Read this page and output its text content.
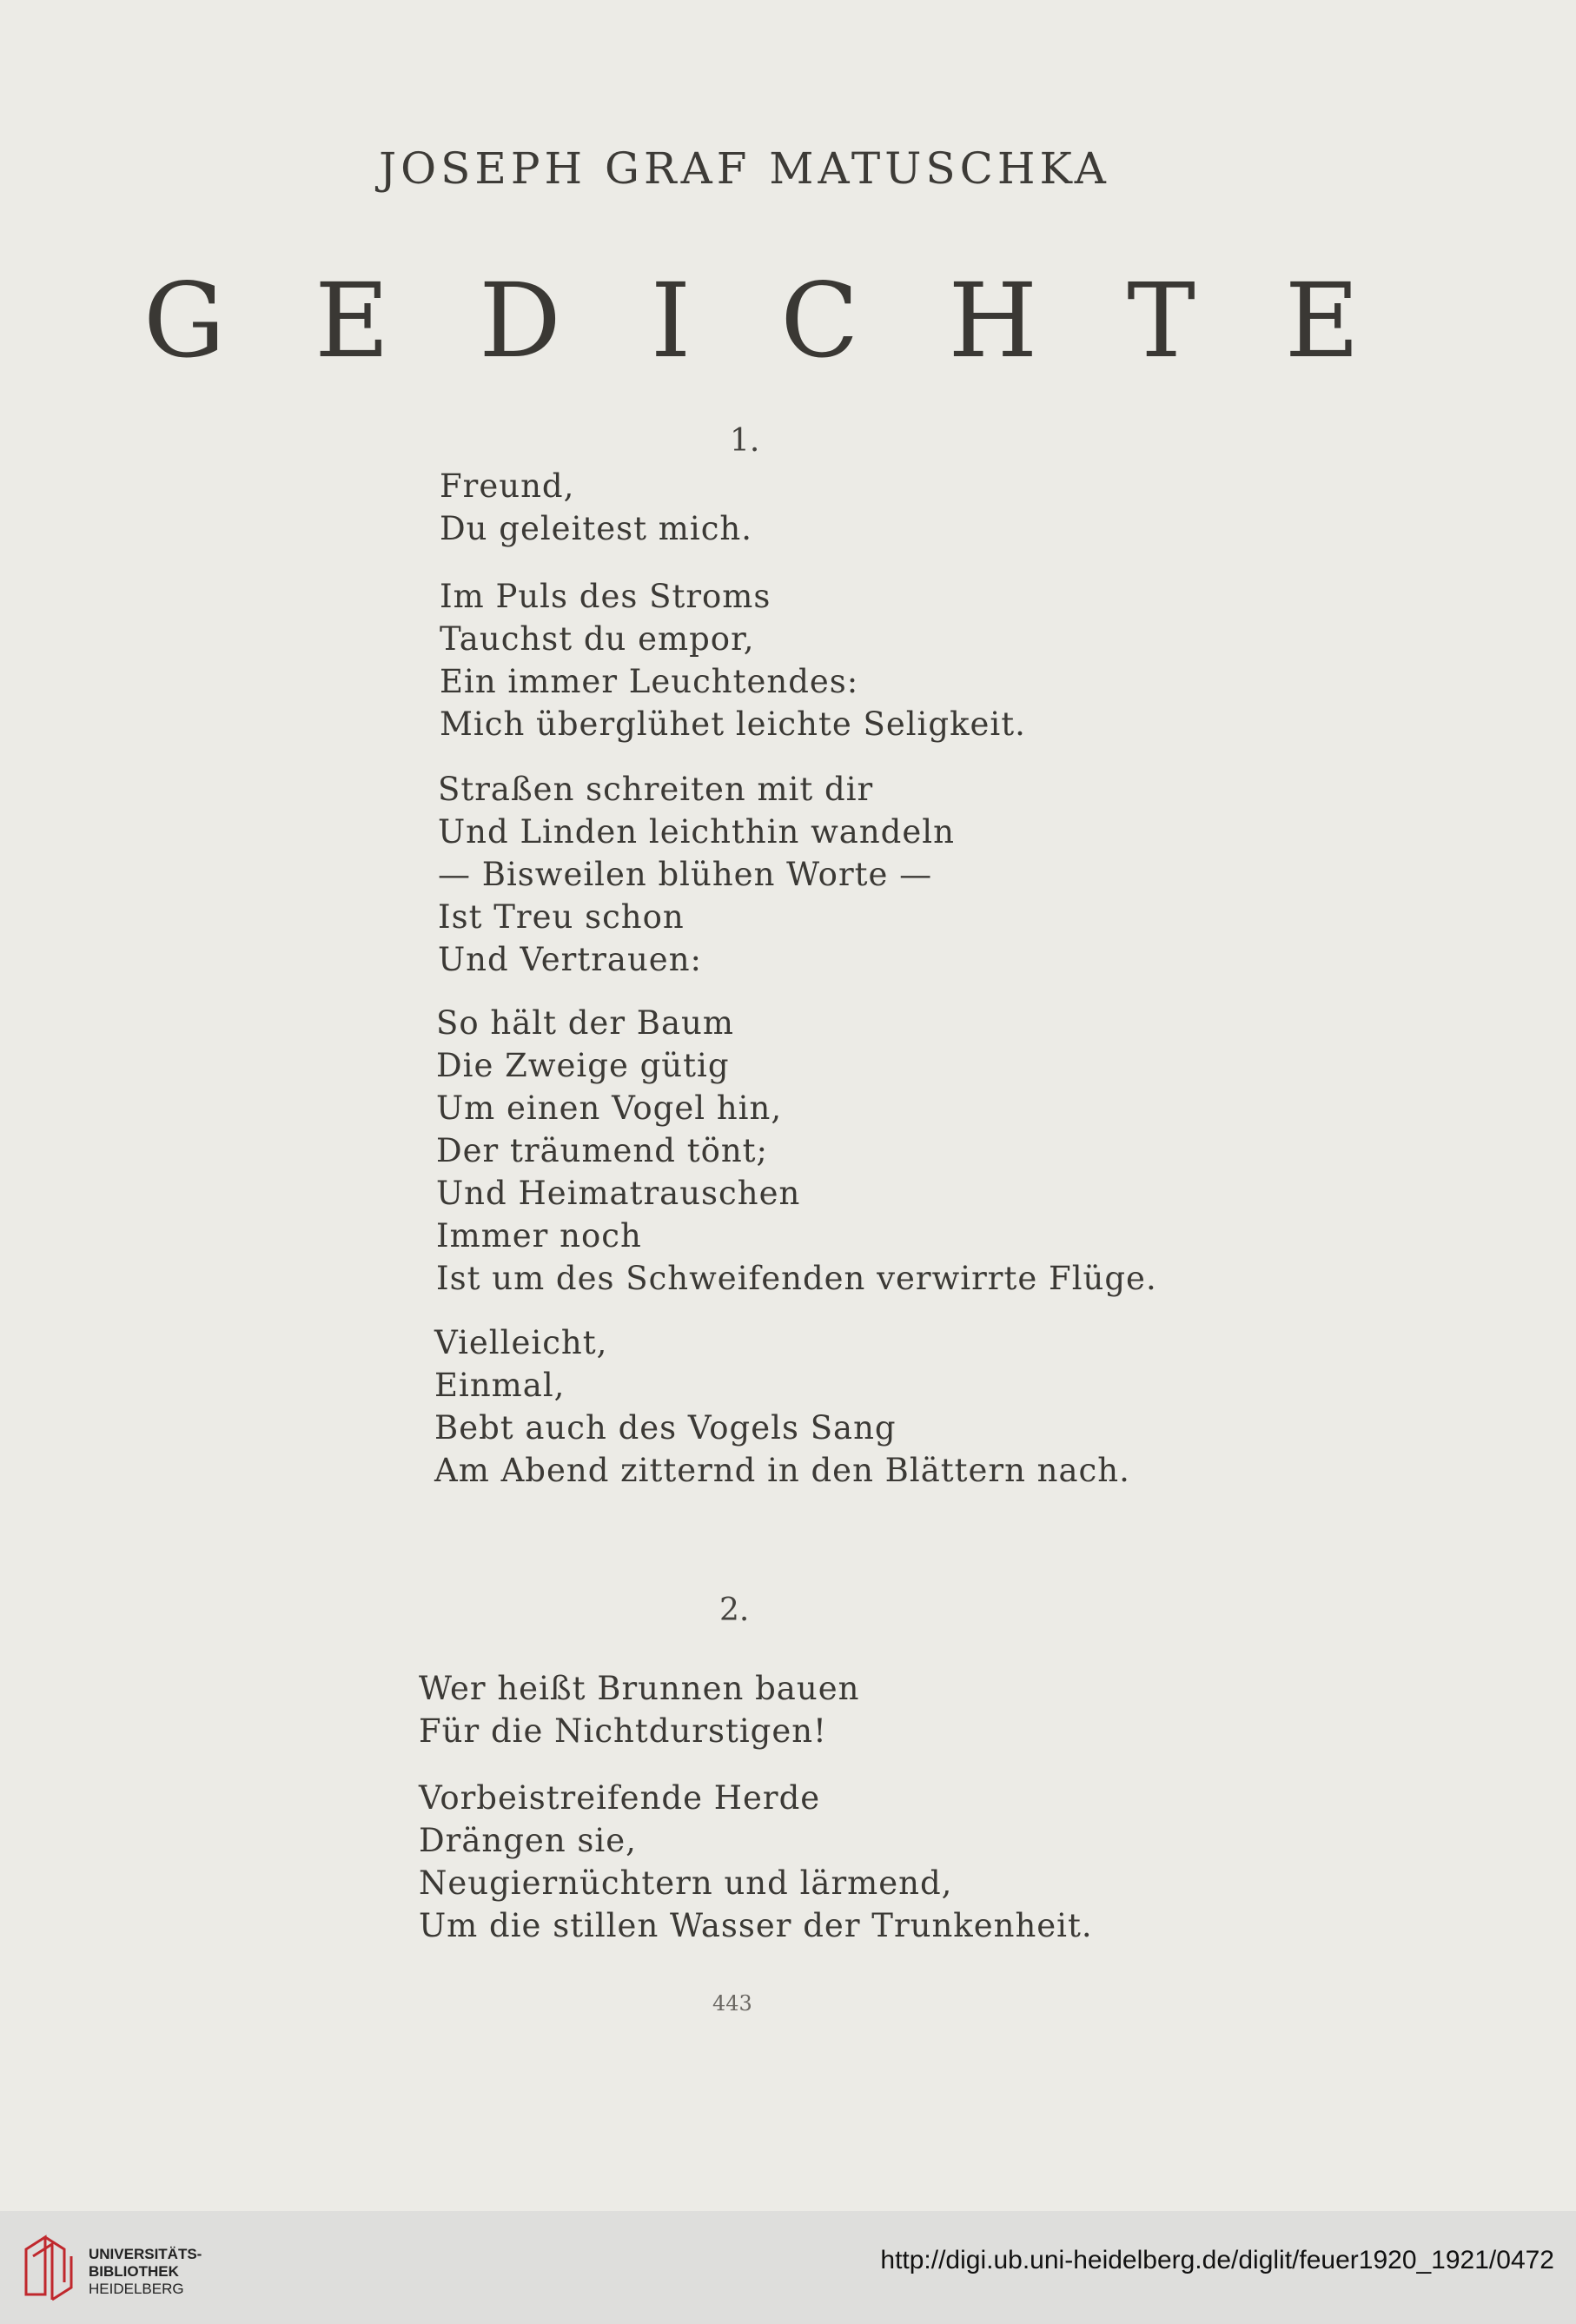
JOSEPH GRAF MATUSCHKA
G E D I C H T E
1.
Freund,
Du geleitest mich.
Im Puls des Stroms
Tauchst du empor,
Ein immer Leuchtendes:
Mich überglühet leichte Seligkeit.
Straßen schreiten mit dir
Und Linden leichthin wandeln
— Bisweilen blühen Worte —
Ist Treu schon
Und Vertrauen:
So hält der Baum
Die Zweige gütig
Um einen Vogel hin,
Der träumend tönt;
Und Heimatrauschen
Immer noch
Ist um des Schweifenden verwirrte Flüge.
Vielleicht,
Einmal,
Bebt auch des Vogels Sang
Am Abend zitternd in den Blättern nach.
2.
Wer heißt Brunnen bauen
Für die Nichtdurstigen!
Vorbeistreifende Herde
Drängen sie,
Neugiernüchtern und lärmend,
Um die stillen Wasser der Trunkenheit.
443
UNIVERSITÄTS-
BIBLIOTHEK
HEIDELBERG
http://digi.ub.uni-heidelberg.de/diglit/feuer1920_1921/0472
